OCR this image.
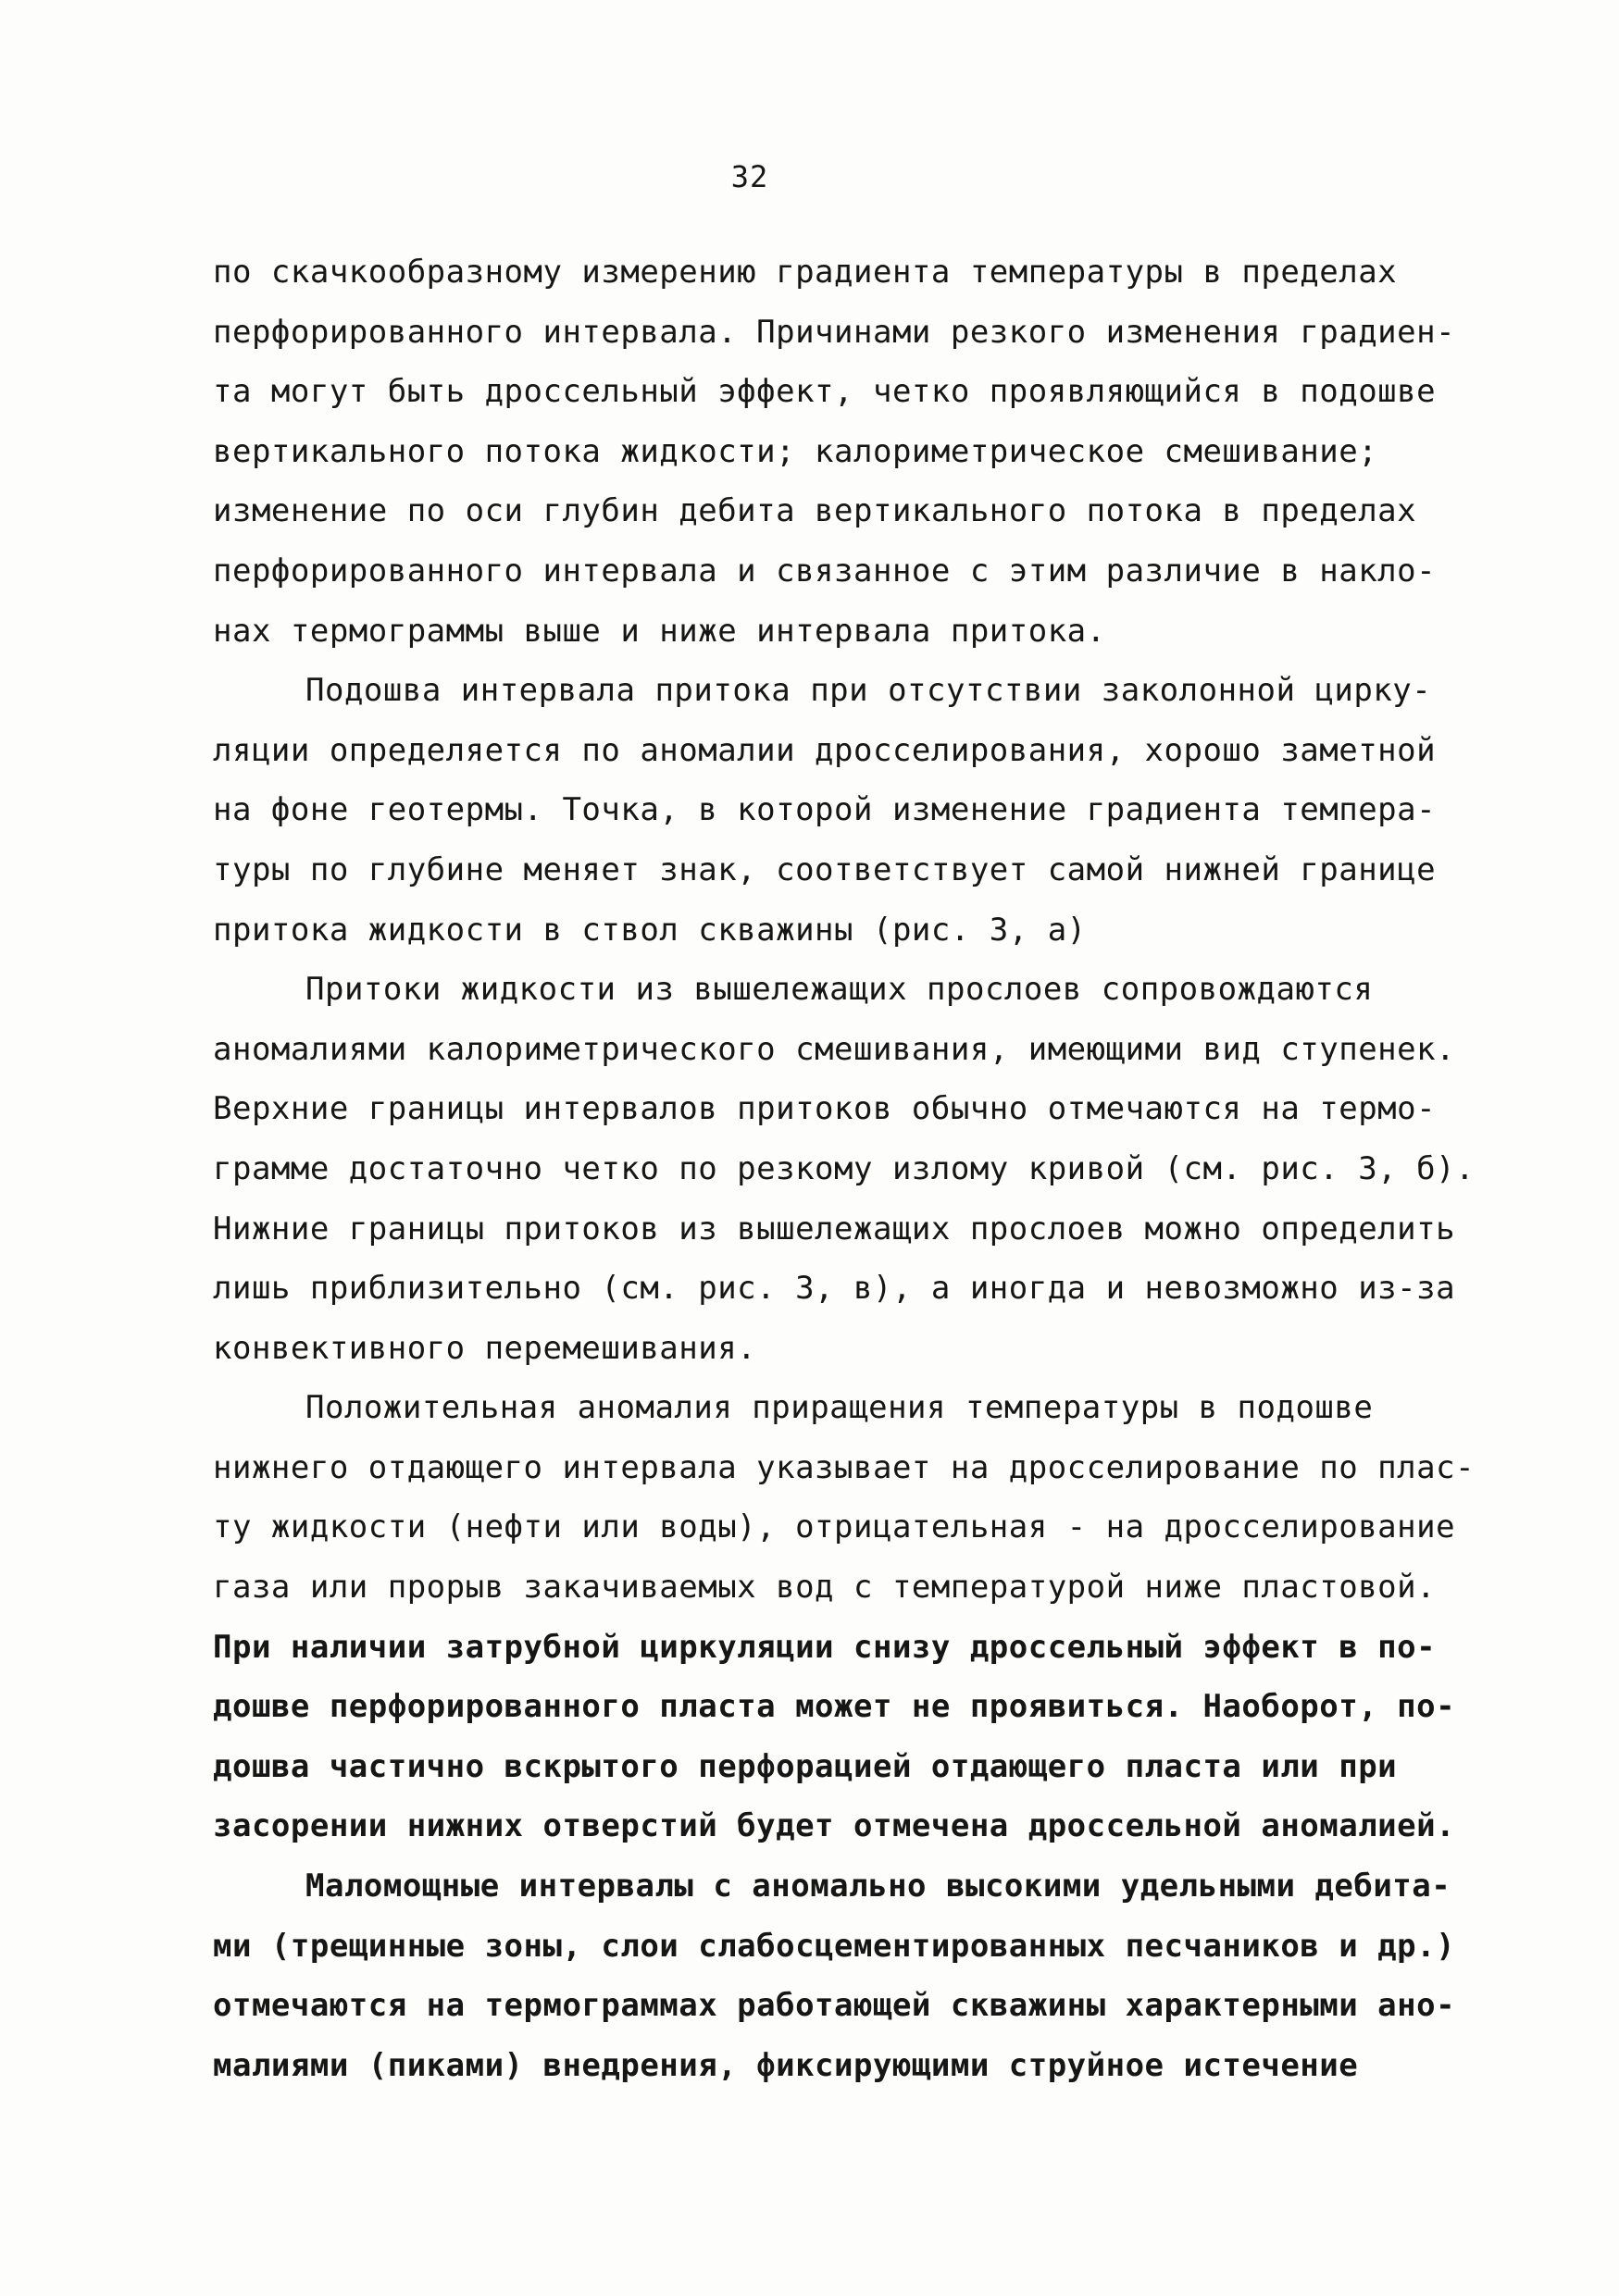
32
по скачкообразному измерению градиента температуры в пределах
перфорированного интервала. Причинами резкого изменения градиен-
та могут быть дроссельный эффект, четко проявляющийся в подошве
вертикального потока жидкости; калориметрическое смешивание;
изменение по оси глубин дебита вертикального потока в пределах
перфорированного интервала и связанное с этим различие в накло-
нах термограммы выше и ниже интервала притока.
Подошва интервала притока при отсутствии заколонной цирку-
ляции определяется по аномалии дросселирования, хорошо заметной
на фоне геотермы. Точка, в которой изменение градиента темпера-
туры по глубине меняет знак, соответствует самой нижней границе
притока жидкости в ствол скважины (рис. 3, а)
Притоки жидкости из вышележащих прослоев сопровождаются
аномалиями калориметрического смешивания, имеющими вид ступенек.
Верхние границы интервалов притоков обычно отмечаются на термо-
грамме достаточно четко по резкому излому кривой (см. рис. 3, б).
Нижние границы притоков из вышележащих прослоев можно определить
лишь приблизительно (см. рис. 3, в), а иногда и невозможно из-за
конвективного перемешивания.
Положительная аномалия приращения температуры в подошве
нижнего отдающего интервала указывает на дросселирование по плас-
ту жидкости (нефти или воды), отрицательная - на дросселирование
газа или прорыв закачиваемых вод с температурой ниже пластовой.
При наличии затрубной циркуляции снизу дроссельный эффект в по-
дошве перфорированного пласта может не проявиться. Наоборот, по-
дошва частично вскрытого перфорацией отдающего пласта или при
засорении нижних отверстий будет отмечена дроссельной аномалией.
Маломощные интервалы с аномально высокими удельными дебита-
ми (трещинные зоны, слои слабосцементированных песчаников и др.)
отмечаются на термограммах работающей скважины характерными ано-
малиями (пиками) внедрения, фиксирующими струйное истечение
